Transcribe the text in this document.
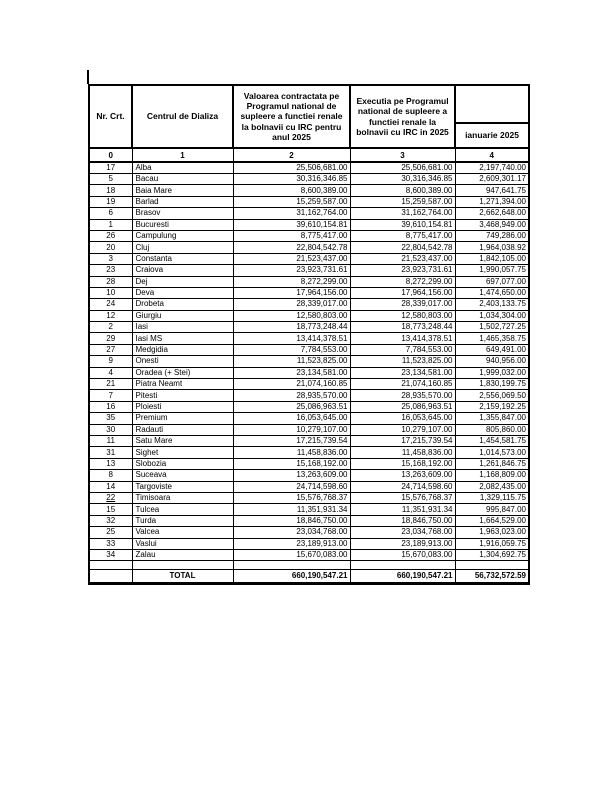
Nr. Crt.	Centrul de Dializa	Valoarea contractata pe Programul national de supleere a functiei renale la bolnavii cu IRC pentru anul 2025	Executia pe Programul national de supleere a functiei renale la bolnavii cu IRC in 2025	
				ianuarie 2025
0	1	2	3	4
17	Alba	25,506,681.00	25,506,681.00	2,197,740.00
5	Bacau	30,316,346.85	30,316,346.85	2,609,301.17
18	Baia Mare	8,600,389.00	8,600,389.00	947,641.75
19	Barlad	15,259,587.00	15,259,587.00	1,271,394.00
6	Brasov	31,162,764.00	31,162,764.00	2,662,648.00
1	Bucuresti	39,610,154.81	39,610,154.81	3,468,949.00
26	Campulung	8,775,417.00	8,775,417.00	749,286.00
20	Cluj	22,804,542.78	22,804,542.78	1,964,038.92
3	Constanta	21,523,437.00	21,523,437.00	1,842,105.00
23	Craiova	23,923,731.61	23,923,731.61	1,990,057.75
28	Dej	8,272,299.00	8,272,299.00	697,077.00
10	Deva	17,964,156.00	17,964,156.00	1,474,650.00
24	Drobeta	28,339,017.00	28,339,017.00	2,403,133.75
12	Giurgiu	12,580,803.00	12,580,803.00	1,034,304.00
2	Iasi	18,773,248.44	18,773,248.44	1,502,727.25
29	Iasi MS	13,414,378.51	13,414,378.51	1,465,358.75
27	Medgidia	7,784,553.00	7,784,553.00	649,491.00
9	Onesti	11,523,825.00	11,523,825.00	940,956.00
4	Oradea (+ Stei)	23,134,581.00	23,134,581.00	1,999,032.00
21	Piatra Neamt	21,074,160.85	21,074,160.85	1,830,199.75
7	Pitesti	28,935,570.00	28,935,570.00	2,556,069.50
16	Ploiesti	25,086,963.51	25,086,963.51	2,159,192.25
35	Premium	16,053,645.00	16,053,645.00	1,355,847.00
30	Radauti	10,279,107.00	10,279,107.00	805,860.00
11	Satu Mare	17,215,739.54	17,215,739.54	1,454,581.75
31	Sighet	11,458,836.00	11,458,836.00	1,014,573.00
13	Slobozia	15,168,192.00	15,168,192.00	1,261,846.75
8	Suceava	13,263,609.00	13,263,609.00	1,168,809.00
14	Targoviste	24,714,598.60	24,714,598.60	2,082,435.00
22	Timisoara	15,576,768.37	15,576,768.37	1,329,115.75
15	Tulcea	11,351,931.34	11,351,931.34	995,847.00
32	Turda	18,846,750.00	18,846,750.00	1,664,529.00
25	Valcea	23,034,768.00	23,034,768.00	1,963,023.00
33	Vaslui	23,189,913.00	23,189,913.00	1,916,059.75
34	Zalau	15,670,083.00	15,670,083.00	1,304,692.75

	TOTAL	660,190,547.21	660,190,547.21	56,732,572.59
